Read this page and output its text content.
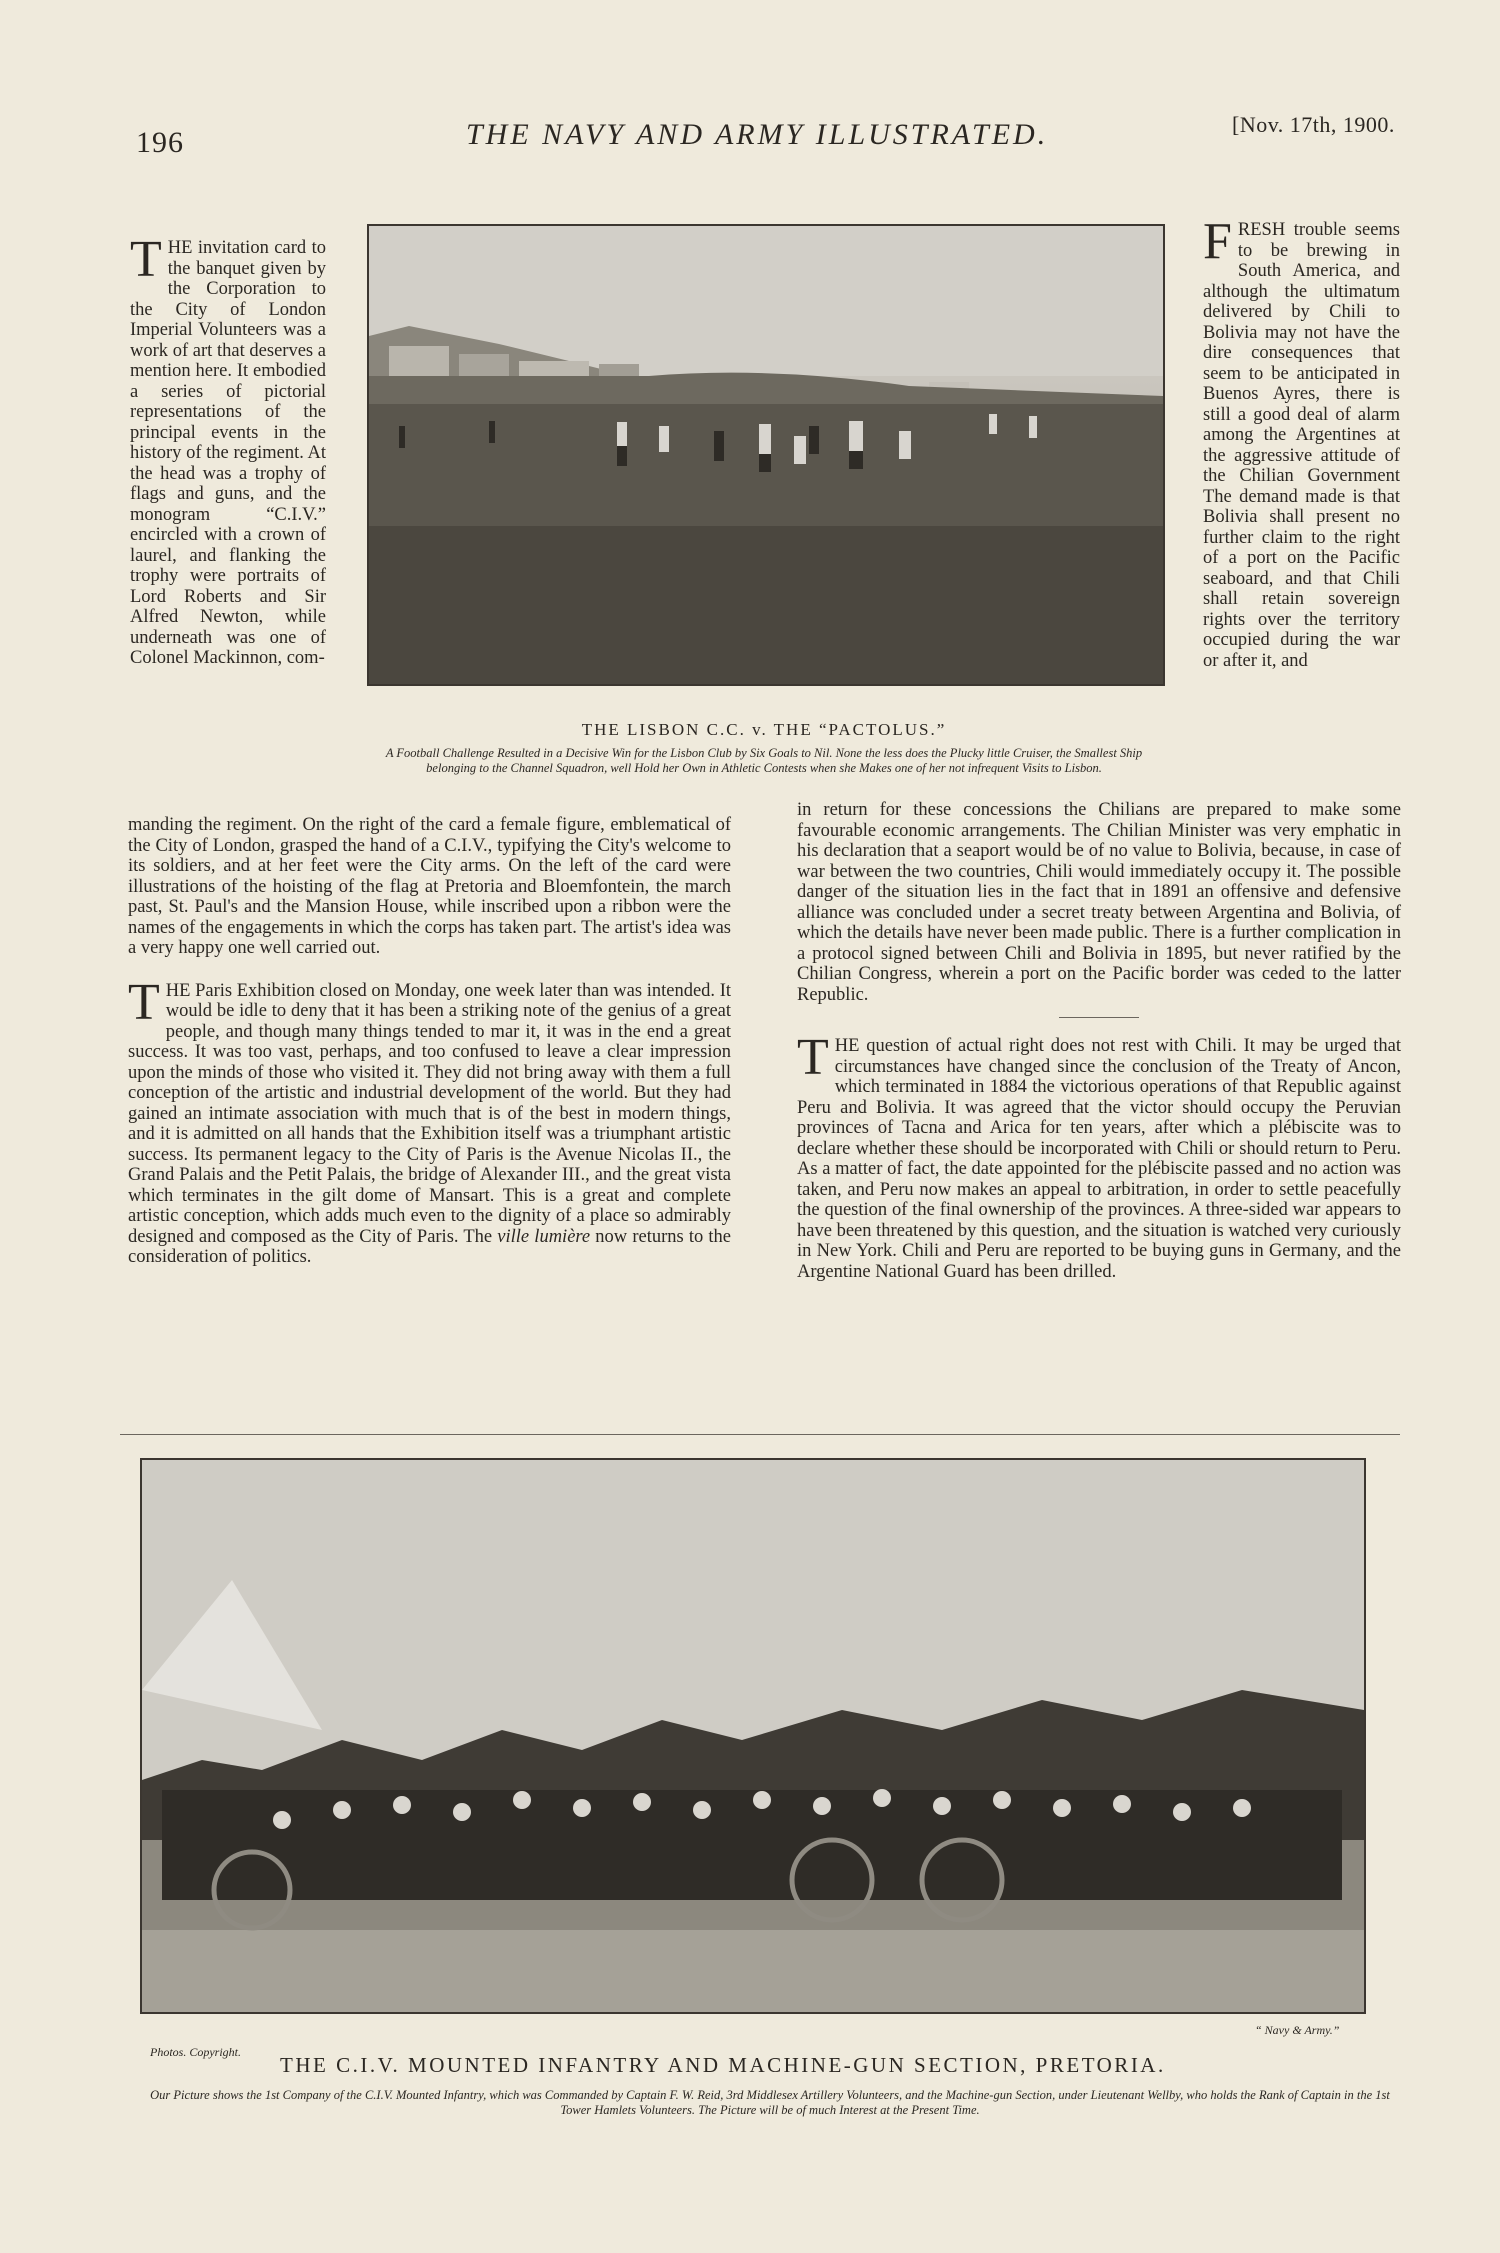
196	THE NAVY AND ARMY ILLUSTRATED.	[Nov. 17th, 1900.

THE invitation card to the banquet given by the Corporation to the City of London Imperial Volunteers was a work of art that deserves a mention here. It embodied a series of pictorial representations of the principal events in the history of the regiment. At the head was a trophy of flags and guns, and the monogram “C.I.V.” encircled with a crown of laurel, and flanking the trophy were portraits of Lord Roberts and Sir Alfred Newton, while underneath was one of Colonel Mackinnon, com-

manding the regiment. On the right of the card a female figure, emblematical of the City of London, grasped the hand of a C.I.V., typifying the City's welcome to its soldiers, and at her feet were the City arms. On the left of the card were illustrations of the hoisting of the flag at Pretoria and Bloemfontein, the march past, St. Paul's and the Mansion House, while inscribed upon a ribbon were the names of the engagements in which the corps has taken part. The artist's idea was a very happy one well carried out.

THE Paris Exhibition closed on Monday, one week later than was intended. It would be idle to deny that it has been a striking note of the genius of a great people, and though many things tended to mar it, it was in the end a great success. It was too vast, perhaps, and too confused to leave a clear impression upon the minds of those who visited it. They did not bring away with them a full conception of the artistic and industrial development of the world. But they had gained an intimate association with much that is of the best in modern things, and it is admitted on all hands that the Exhibition itself was a triumphant artistic success. Its permanent legacy to the City of Paris is the Avenue Nicolas II., the Grand Palais and the Petit Palais, the bridge of Alexander III., and the great vista which terminates in the gilt dome of Mansart. This is a great and complete artistic conception, which adds much even to the dignity of a place so admirably designed and composed as the City of Paris. The ville lumière now returns to the consideration of politics.

THE LISBON C.C. v. THE “PACTOLUS.”
A Football Challenge Resulted in a Decisive Win for the Lisbon Club by Six Goals to Nil. None the less does the Plucky little Cruiser, the Smallest Ship belonging to the Channel Squadron, well Hold her Own in Athletic Contests when she Makes one of her not infrequent Visits to Lisbon.

FRESH trouble seems to be brewing in South America, and although the ultimatum delivered by Chili to Bolivia may not have the dire consequences that seem to be anticipated in Buenos Ayres, there is still a good deal of alarm among the Argentines at the aggressive attitude of the Chilian Government The demand made is that Bolivia shall present no further claim to the right of a port on the Pacific seaboard, and that Chili shall retain sovereign rights over the territory occupied during the war or after it, and

in return for these concessions the Chilians are prepared to make some favourable economic arrangements. The Chilian Minister was very emphatic in his declaration that a seaport would be of no value to Bolivia, because, in case of war between the two countries, Chili would immediately occupy it. The possible danger of the situation lies in the fact that in 1891 an offensive and defensive alliance was concluded under a secret treaty between Argentina and Bolivia, of which the details have never been made public. There is a further complication in a protocol signed between Chili and Bolivia in 1895, but never ratified by the Chilian Congress, wherein a port on the Pacific border was ceded to the latter Republic.

THE question of actual right does not rest with Chili. It may be urged that circumstances have changed since the conclusion of the Treaty of Ancon, which terminated in 1884 the victorious operations of that Republic against Peru and Bolivia. It was agreed that the victor should occupy the Peruvian provinces of Tacna and Arica for ten years, after which a plébiscite was to declare whether these should be incorporated with Chili or should return to Peru. As a matter of fact, the date appointed for the plébiscite passed and no action was taken, and Peru now makes an appeal to arbitration, in order to settle peacefully the question of the final ownership of the provinces. A three-sided war appears to have been threatened by this question, and the situation is watched very curiously in New York. Chili and Peru are reported to be buying guns in Germany, and the Argentine National Guard has been drilled.

Photos. Copyright.
“ Navy & Army.”
THE C.I.V. MOUNTED INFANTRY AND MACHINE-GUN SECTION, PRETORIA.
Our Picture shows the 1st Company of the C.I.V. Mounted Infantry, which was Commanded by Captain F. W. Reid, 3rd Middlesex Artillery Volunteers, and the Machine-gun Section, under Lieutenant Wellby, who holds the Rank of Captain in the 1st Tower Hamlets Volunteers. The Picture will be of much Interest at the Present Time.
